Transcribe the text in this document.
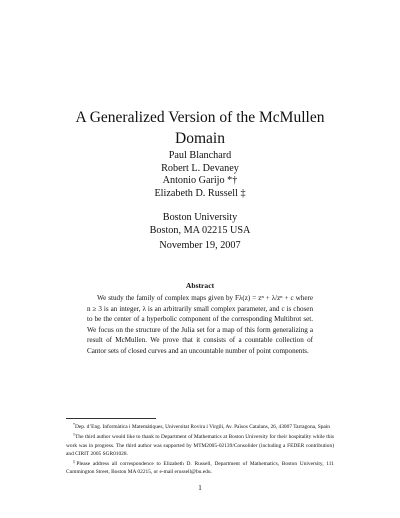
A Generalized Version of the McMullen Domain
Paul Blanchard
Robert L. Devaney
Antonio Garijo *†
Elizabeth D. Russell ‡
Boston University
Boston, MA 02215 USA
November 19, 2007
Abstract
We study the family of complex maps given by Fλ(z) = zⁿ + λ/zⁿ + c where n ≥ 3 is an integer, λ is an arbitrarily small complex parameter, and c is chosen to be the center of a hyperbolic component of the corresponding Multibrot set. We focus on the structure of the Julia set for a map of this form generalizing a result of McMullen. We prove that it consists of a countable collection of Cantor sets of closed curves and an uncountable number of point components.

*Dep. d’Eng. Informàtica i Matemàtiques, Universitat Rovira i Virgili, Av. Països Catalans, 26, 43007 Tarragona, Spain

†The third author would like to thank to Department of Mathematics at Boston University for their hospitality while this work was in progress. The third author was supported by MTM2005-02139/Consolider (including a FEDER contribution) and CIRIT 2005 SGR01028.

‡Please address all correspondence to Elizabeth D. Russell, Department of Mathematics, Boston University, 111 Cummington Street, Boston MA 02215, or e-mail erussell@bu.edu.

1
